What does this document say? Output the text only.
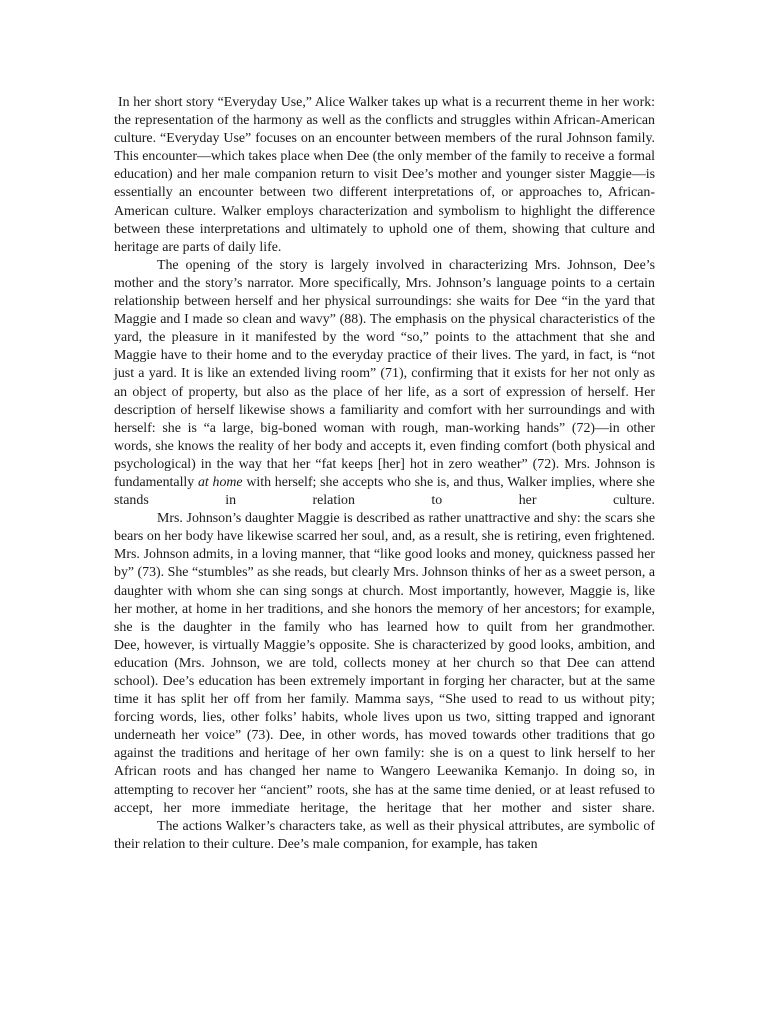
In her short story “Everyday Use,” Alice Walker takes up what is a recurrent theme in her work: the representation of the harmony as well as the conflicts and struggles within African-American culture. “Everyday Use” focuses on an encounter between members of the rural Johnson family. This encounter—which takes place when Dee (the only member of the family to receive a formal education) and her male companion return to visit Dee’s mother and younger sister Maggie—is essentially an encounter between two different interpretations of, or approaches to, African-American culture. Walker employs characterization and symbolism to highlight the difference between these interpretations and ultimately to uphold one of them, showing that culture and heritage are parts of daily life.

The opening of the story is largely involved in characterizing Mrs. Johnson, Dee’s mother and the story’s narrator. More specifically, Mrs. Johnson’s language points to a certain relationship between herself and her physical surroundings: she waits for Dee “in the yard that Maggie and I made so clean and wavy” (88). The emphasis on the physical characteristics of the yard, the pleasure in it manifested by the word “so,” points to the attachment that she and Maggie have to their home and to the everyday practice of their lives. The yard, in fact, is “not just a yard. It is like an extended living room” (71), confirming that it exists for her not only as an object of property, but also as the place of her life, as a sort of expression of herself. Her description of herself likewise shows a familiarity and comfort with her surroundings and with herself: she is “a large, big-boned woman with rough, man-working hands” (72)—in other words, she knows the reality of her body and accepts it, even finding comfort (both physical and psychological) in the way that her “fat keeps [her] hot in zero weather” (72). Mrs. Johnson is fundamentally at home with herself; she accepts who she is, and thus, Walker implies, where she stands in relation to her culture.

Mrs. Johnson’s daughter Maggie is described as rather unattractive and shy: the scars she bears on her body have likewise scarred her soul, and, as a result, she is retiring, even frightened. Mrs. Johnson admits, in a loving manner, that “like good looks and money, quickness passed her by” (73). She “stumbles” as she reads, but clearly Mrs. Johnson thinks of her as a sweet person, a daughter with whom she can sing songs at church. Most importantly, however, Maggie is, like her mother, at home in her traditions, and she honors the memory of her ancestors; for example, she is the daughter in the family who has learned how to quilt from her grandmother.

Dee, however, is virtually Maggie’s opposite. She is characterized by good looks, ambition, and education (Mrs. Johnson, we are told, collects money at her church so that Dee can attend school). Dee’s education has been extremely important in forging her character, but at the same time it has split her off from her family. Mamma says, “She used to read to us without pity; forcing words, lies, other folks’ habits, whole lives upon us two, sitting trapped and ignorant underneath her voice” (73). Dee, in other words, has moved towards other traditions that go against the traditions and heritage of her own family: she is on a quest to link herself to her African roots and has changed her name to Wangero Leewanika Kemanjo. In doing so, in attempting to recover her “ancient” roots, she has at the same time denied, or at least refused to accept, her more immediate heritage, the heritage that her mother and sister share.

The actions Walker’s characters take, as well as their physical attributes, are symbolic of their relation to their culture. Dee’s male companion, for example, has taken
